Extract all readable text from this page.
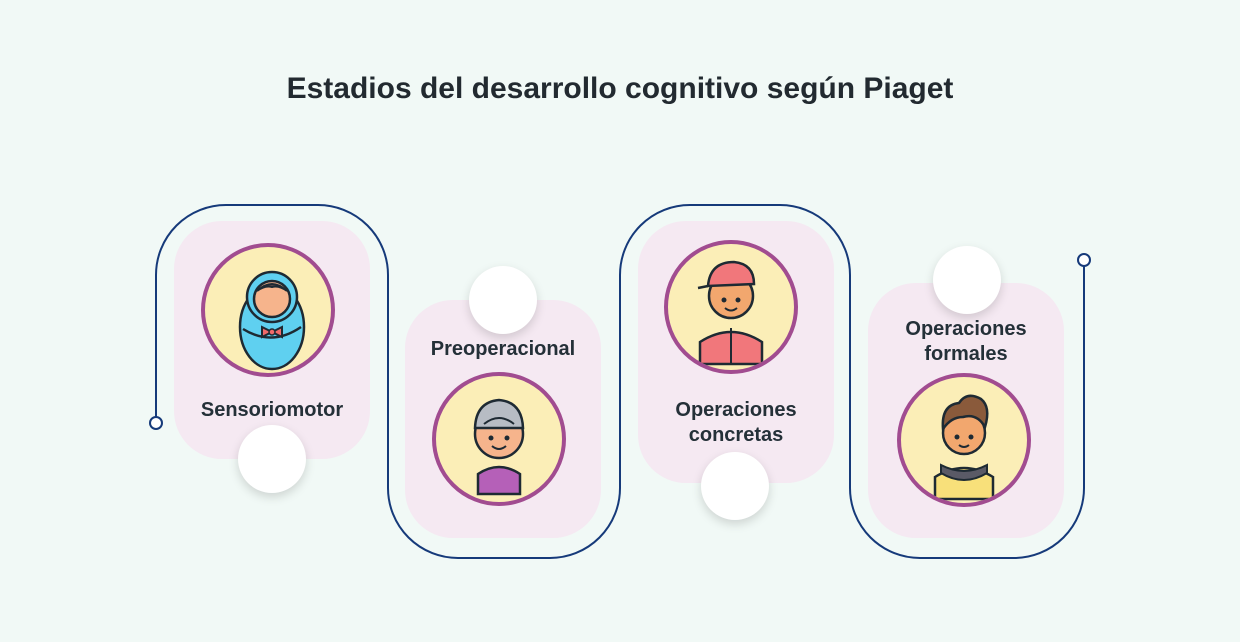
Estadios del desarrollo cognitivo según Piaget
Sensoriomotor
Preoperacional
Operaciones
concretas
Operaciones
formales
